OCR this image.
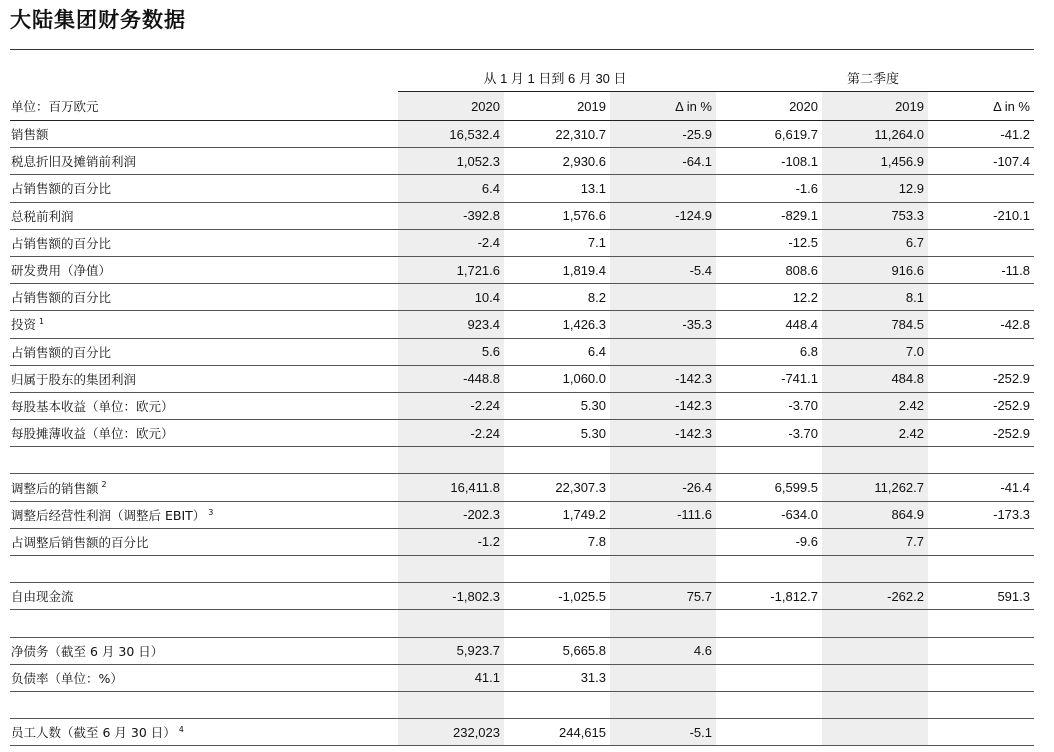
大陆集团财务数据
	从 1 月 1 日到 6 月 30 日			第二季度		
单位：百万欧元	2020	2019	Δ in %	2020	2019	Δ in %
销售额	16,532.4	22,310.7	-25.9	6,619.7	11,264.0	-41.2
税息折旧及摊销前利润	1,052.3	2,930.6	-64.1	-108.1	1,456.9	-107.4
占销售额的百分比	6.4	13.1		-1.6	12.9	
总税前利润	-392.8	1,576.6	-124.9	-829.1	753.3	-210.1
占销售额的百分比	-2.4	7.1		-12.5	6.7	
研发费用（净值）	1,721.6	1,819.4	-5.4	808.6	916.6	-11.8
占销售额的百分比	10.4	8.2		12.2	8.1	
投资 $^1$	923.4	1,426.3	-35.3	448.4	784.5	-42.8
占销售额的百分比	5.6	6.4		6.8	7.0	
归属于股东的集团利润	-448.8	1,060.0	-142.3	-741.1	484.8	-252.9
每股基本收益（单位：欧元）	-2.24	5.30	-142.3	-3.70	2.42	-252.9
每股摊薄收益（单位：欧元）	-2.24	5.30	-142.3	-3.70	2.42	-252.9

调整后的销售额 $^2$	16,411.8	22,307.3	-26.4	6,599.5	11,262.7	-41.4
调整后经营性利润（调整后 EBIT） $^3$	-202.3	1,749.2	-111.6	-634.0	864.9	-173.3
占调整后销售额的百分比	-1.2	7.8		-9.6	7.7	

自由现金流	-1,802.3	-1,025.5	75.7	-1,812.7	-262.2	591.3

净债务（截至 6 月 30 日）	5,923.7	5,665.8	4.6			
负债率（单位：%）	41.1	31.3				

员工人数（截至 6 月 30 日） $^4$	232,023	244,615	-5.1			
